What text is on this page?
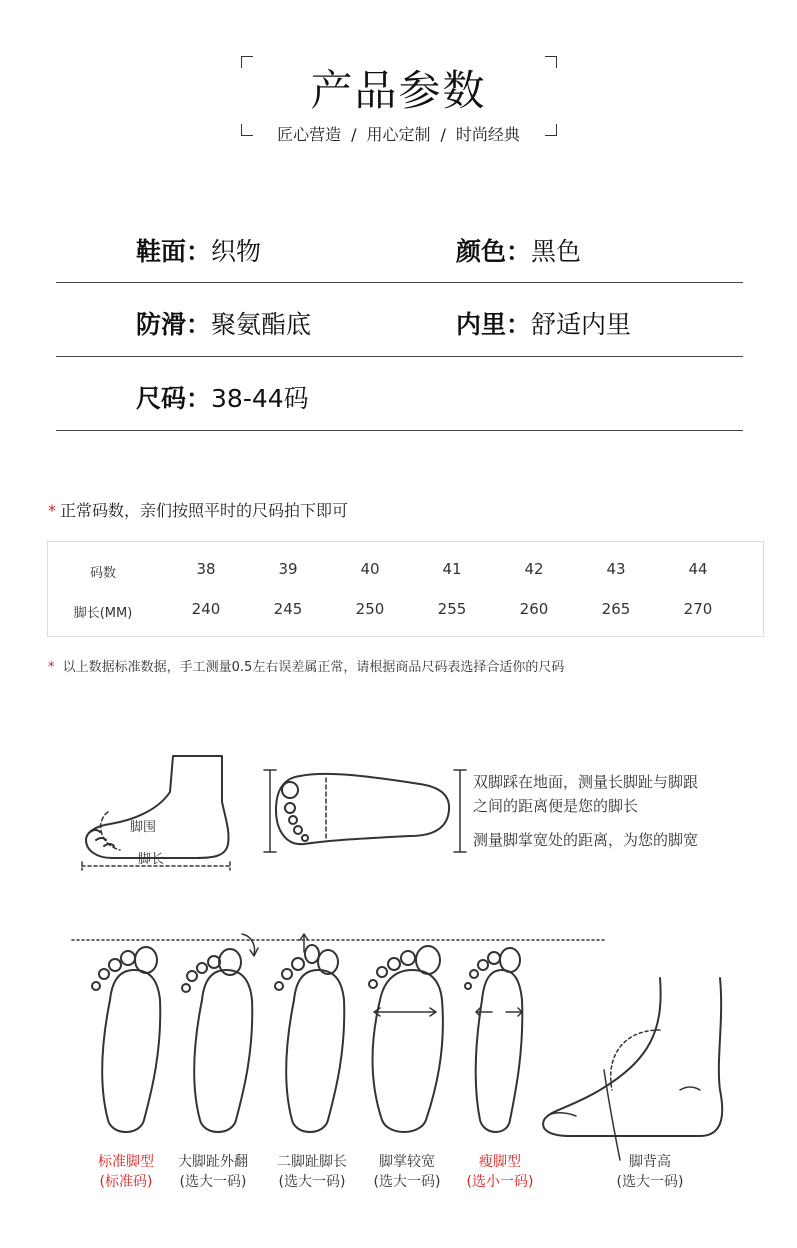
产品参数
匠心营造 / 用心定制 / 时尚经典
鞋面：织物	颜色：黑色
防滑：聚氨酯底	内里：舒适内里
尺码：38-44码
* 正常码数，亲们按照平时的尺码拍下即可
码数	38	39	40	41	42	43	44
脚长(MM)	240	245	250	255	260	265	270
* 以上数据标准数据，手工测量0.5左右误差属正常，请根据商品尺码表选择合适你的尺码
脚围
脚长
双脚踩在地面，测量长脚趾与脚跟
之间的距离便是您的脚长
测量脚掌宽处的距离，为您的脚宽
标准脚型
(标准码)
大脚趾外翻
(选大一码)
二脚趾脚长
(选大一码)
脚掌较宽
(选大一码)
瘦脚型
(选小一码)
脚背高
(选大一码)
